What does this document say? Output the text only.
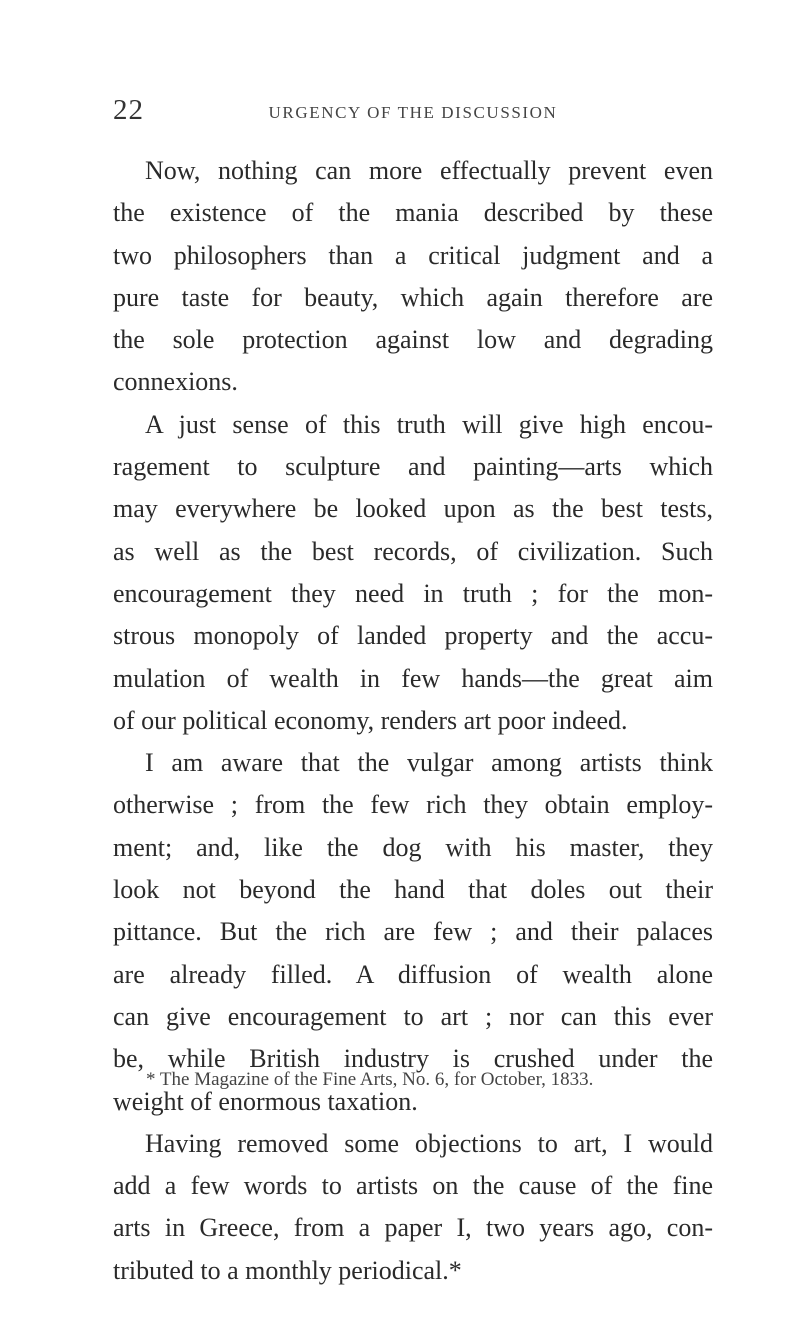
22	URGENCY OF THE DISCUSSION

Now, nothing can more effectually prevent even
the existence of the mania described by these
two philosophers than a critical judgment and a
pure taste for beauty, which again therefore are
the sole protection against low and degrading
connexions.

A just sense of this truth will give high encou-
ragement to sculpture and painting—arts which
may everywhere be looked upon as the best tests,
as well as the best records, of civilization. Such
encouragement they need in truth ; for the mon-
strous monopoly of landed property and the accu-
mulation of wealth in few hands—the great aim
of our political economy, renders art poor indeed.

I am aware that the vulgar among artists think
otherwise ; from the few rich they obtain employ-
ment; and, like the dog with his master, they
look not beyond the hand that doles out their
pittance. But the rich are few ; and their palaces
are already filled. A diffusion of wealth alone
can give encouragement to art ; nor can this ever
be, while British industry is crushed under the
weight of enormous taxation.

Having removed some objections to art, I would
add a few words to artists on the cause of the fine
arts in Greece, from a paper I, two years ago, con-
tributed to a monthly periodical.*

* The Magazine of the Fine Arts, No. 6, for October, 1833.
